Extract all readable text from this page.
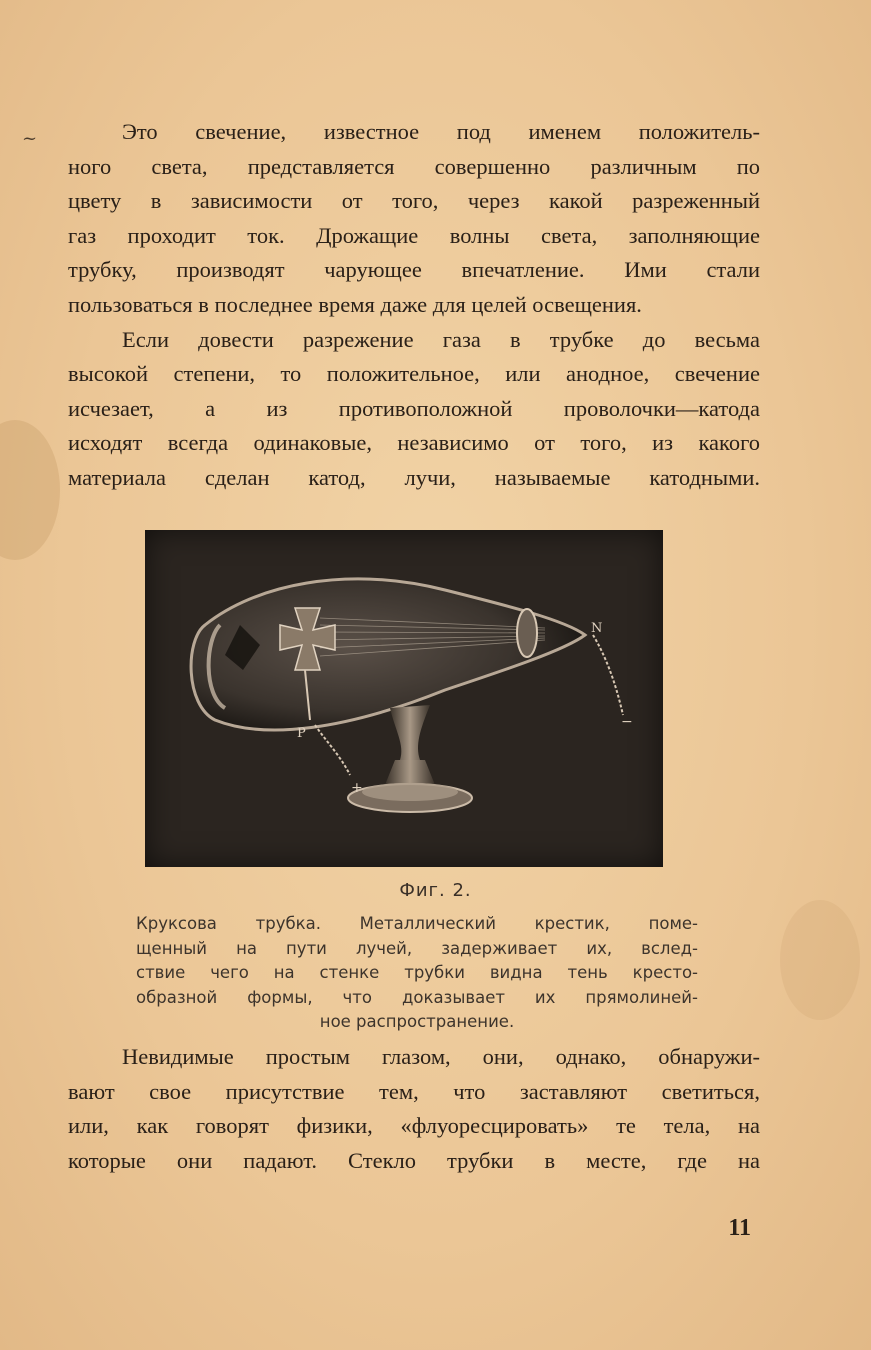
~	Это свечение, известное под именем положитель-
ного света, представляется совершенно различным по
цвету в зависимости от того, через какой разреженный
газ проходит ток. Дрожащие волны света, заполняющие
трубку, производят чарующее впечатление. Ими стали
пользоваться в последнее время даже для целей освещения.

Если довести разрежение газа в трубке до весьма
высокой степени, то положительное, или анодное, свечение
исчезает, а из противоположной проволочки—катода
исходят всегда одинаковые, независимо от того, из какого
материала сделан катод, лучи, называемые катодными.

P
+
N
−
Фиг. 2.
Круксова трубка. Металлический крестик, поме-
щенный на пути лучей, задерживает их, вслед-
ствие чего на стенке трубки видна тень кресто-
образной формы, что доказывает их прямолиней-
ное распространение.

Невидимые простым глазом, они, однако, обнаружи-
вают свое присутствие тем, что заставляют светиться,
или, как говорят физики, «флуоресцировать» те тела, на
которые они падают. Стекло трубки в месте, где на

11
